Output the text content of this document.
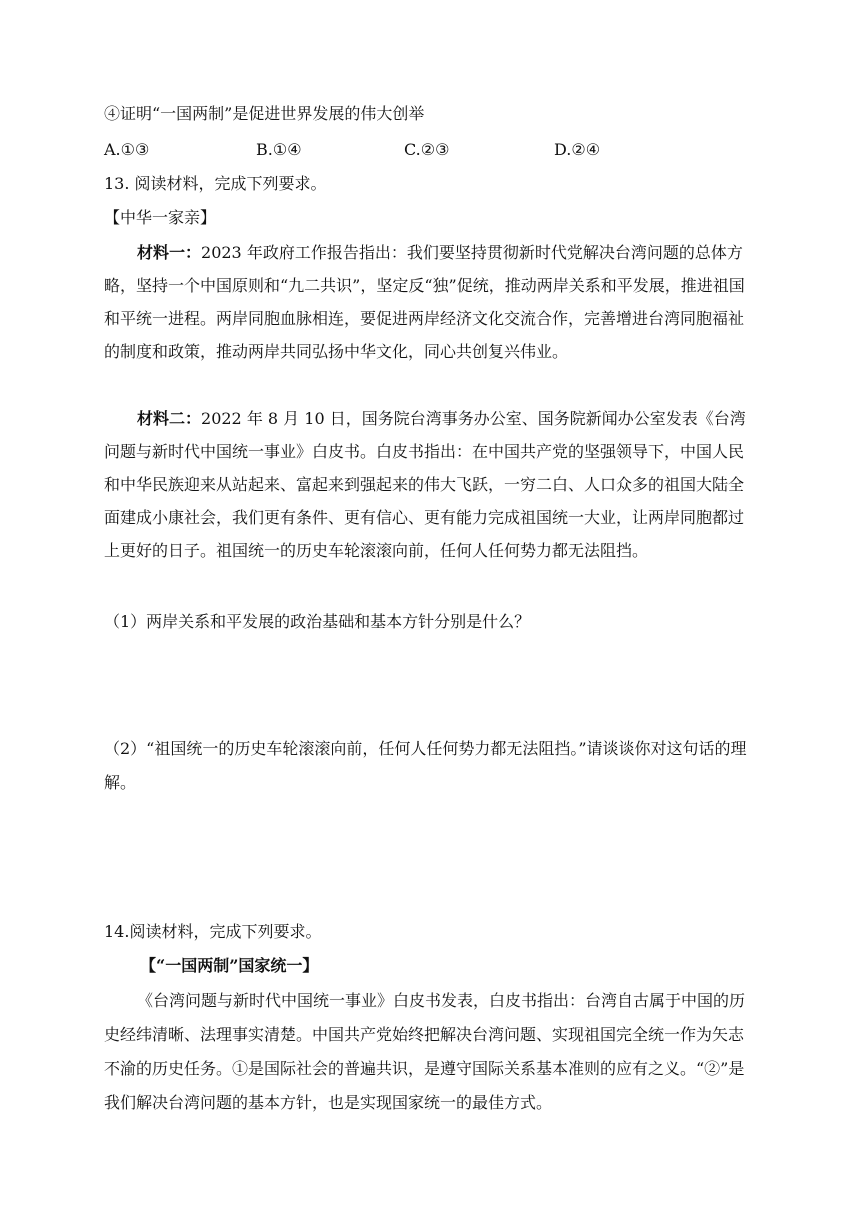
④证明“一国两制”是促进世界发展的伟大创举
A.①③	B.①④	C.②③	D.②④
13. 阅读材料，完成下列要求。
【中华一家亲】
材料一：2023 年政府工作报告指出：我们要坚持贯彻新时代党解决台湾问题的总体方略，坚持一个中国原则和“九二共识”，坚定反“独”促统，推动两岸关系和平发展，推进祖国和平统一进程。两岸同胞血脉相连，要促进两岸经济文化交流合作，完善增进台湾同胞福祉的制度和政策，推动两岸共同弘扬中华文化，同心共创复兴伟业。
材料二：2022 年 8 月 10 日，国务院台湾事务办公室、国务院新闻办公室发表《台湾问题与新时代中国统一事业》白皮书。白皮书指出：在中国共产党的坚强领导下，中国人民和中华民族迎来从站起来、富起来到强起来的伟大飞跃，一穷二白、人口众多的祖国大陆全面建成小康社会，我们更有条件、更有信心、更有能力完成祖国统一大业，让两岸同胞都过上更好的日子。祖国统一的历史车轮滚滚向前，任何人任何势力都无法阻挡。
（1）两岸关系和平发展的政治基础和基本方针分别是什么？
（2）“祖国统一的历史车轮滚滚向前，任何人任何势力都无法阻挡。”请谈谈你对这句话的理解。
14.阅读材料，完成下列要求。
【“一国两制”国家统一】
《台湾问题与新时代中国统一事业》白皮书发表，白皮书指出：台湾自古属于中国的历史经纬清晰、法理事实清楚。中国共产党始终把解决台湾问题、实现祖国完全统一作为矢志不渝的历史任务。①是国际社会的普遍共识，是遵守国际关系基本准则的应有之义。“②”是我们解决台湾问题的基本方针，也是实现国家统一的最佳方式。
